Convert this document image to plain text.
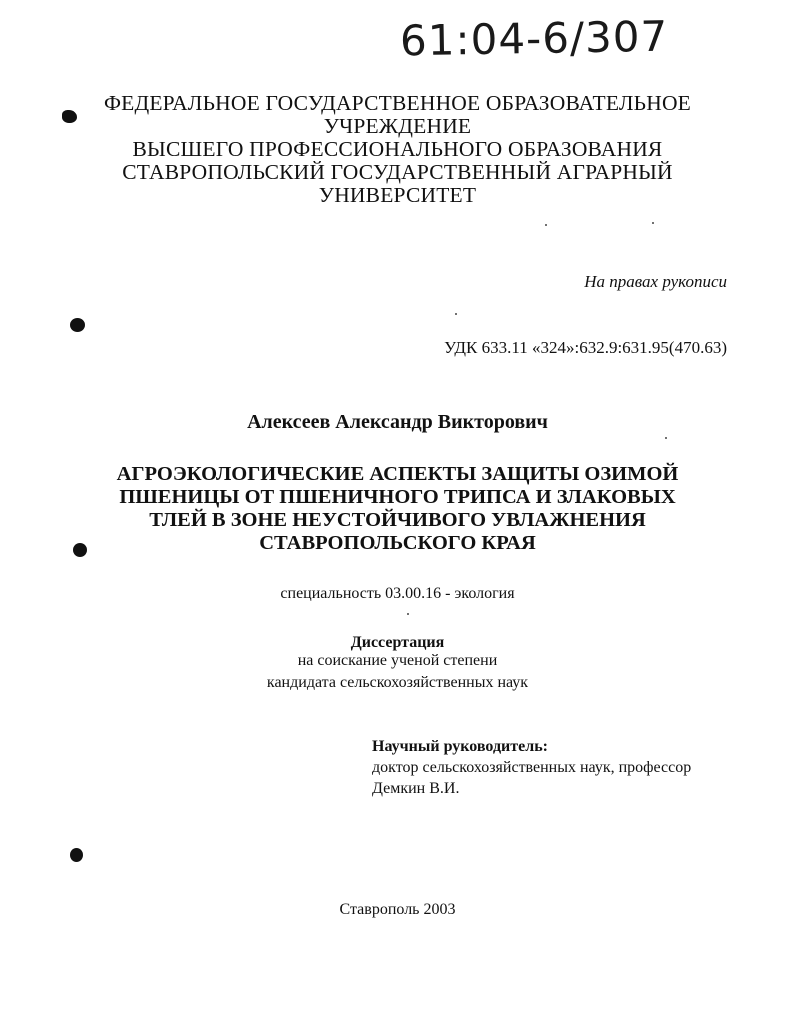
61:04-6/307
ФЕДЕРАЛЬНОЕ ГОСУДАРСТВЕННОЕ ОБРАЗОВАТЕЛЬНОЕ
УЧРЕЖДЕНИЕ
ВЫСШЕГО ПРОФЕССИОНАЛЬНОГО ОБРАЗОВАНИЯ
СТАВРОПОЛЬСКИЙ ГОСУДАРСТВЕННЫЙ АГРАРНЫЙ
УНИВЕРСИТЕТ
На правах рукописи
УДК 633.11 «324»:632.9:631.95(470.63)
Алексеев Александр Викторович
АГРОЭКОЛОГИЧЕСКИЕ АСПЕКТЫ ЗАЩИТЫ ОЗИМОЙ
ПШЕНИЦЫ ОТ ПШЕНИЧНОГО ТРИПСА И ЗЛАКОВЫХ
ТЛЕЙ В ЗОНЕ НЕУСТОЙЧИВОГО УВЛАЖНЕНИЯ
СТАВРОПОЛЬСКОГО КРАЯ
специальность 03.00.16 - экология
Диссертация
на соискание ученой степени
кандидата сельскохозяйственных наук
Научный руководитель:
доктор сельскохозяйственных наук, профессор
Демкин В.И.
Ставрополь 2003
